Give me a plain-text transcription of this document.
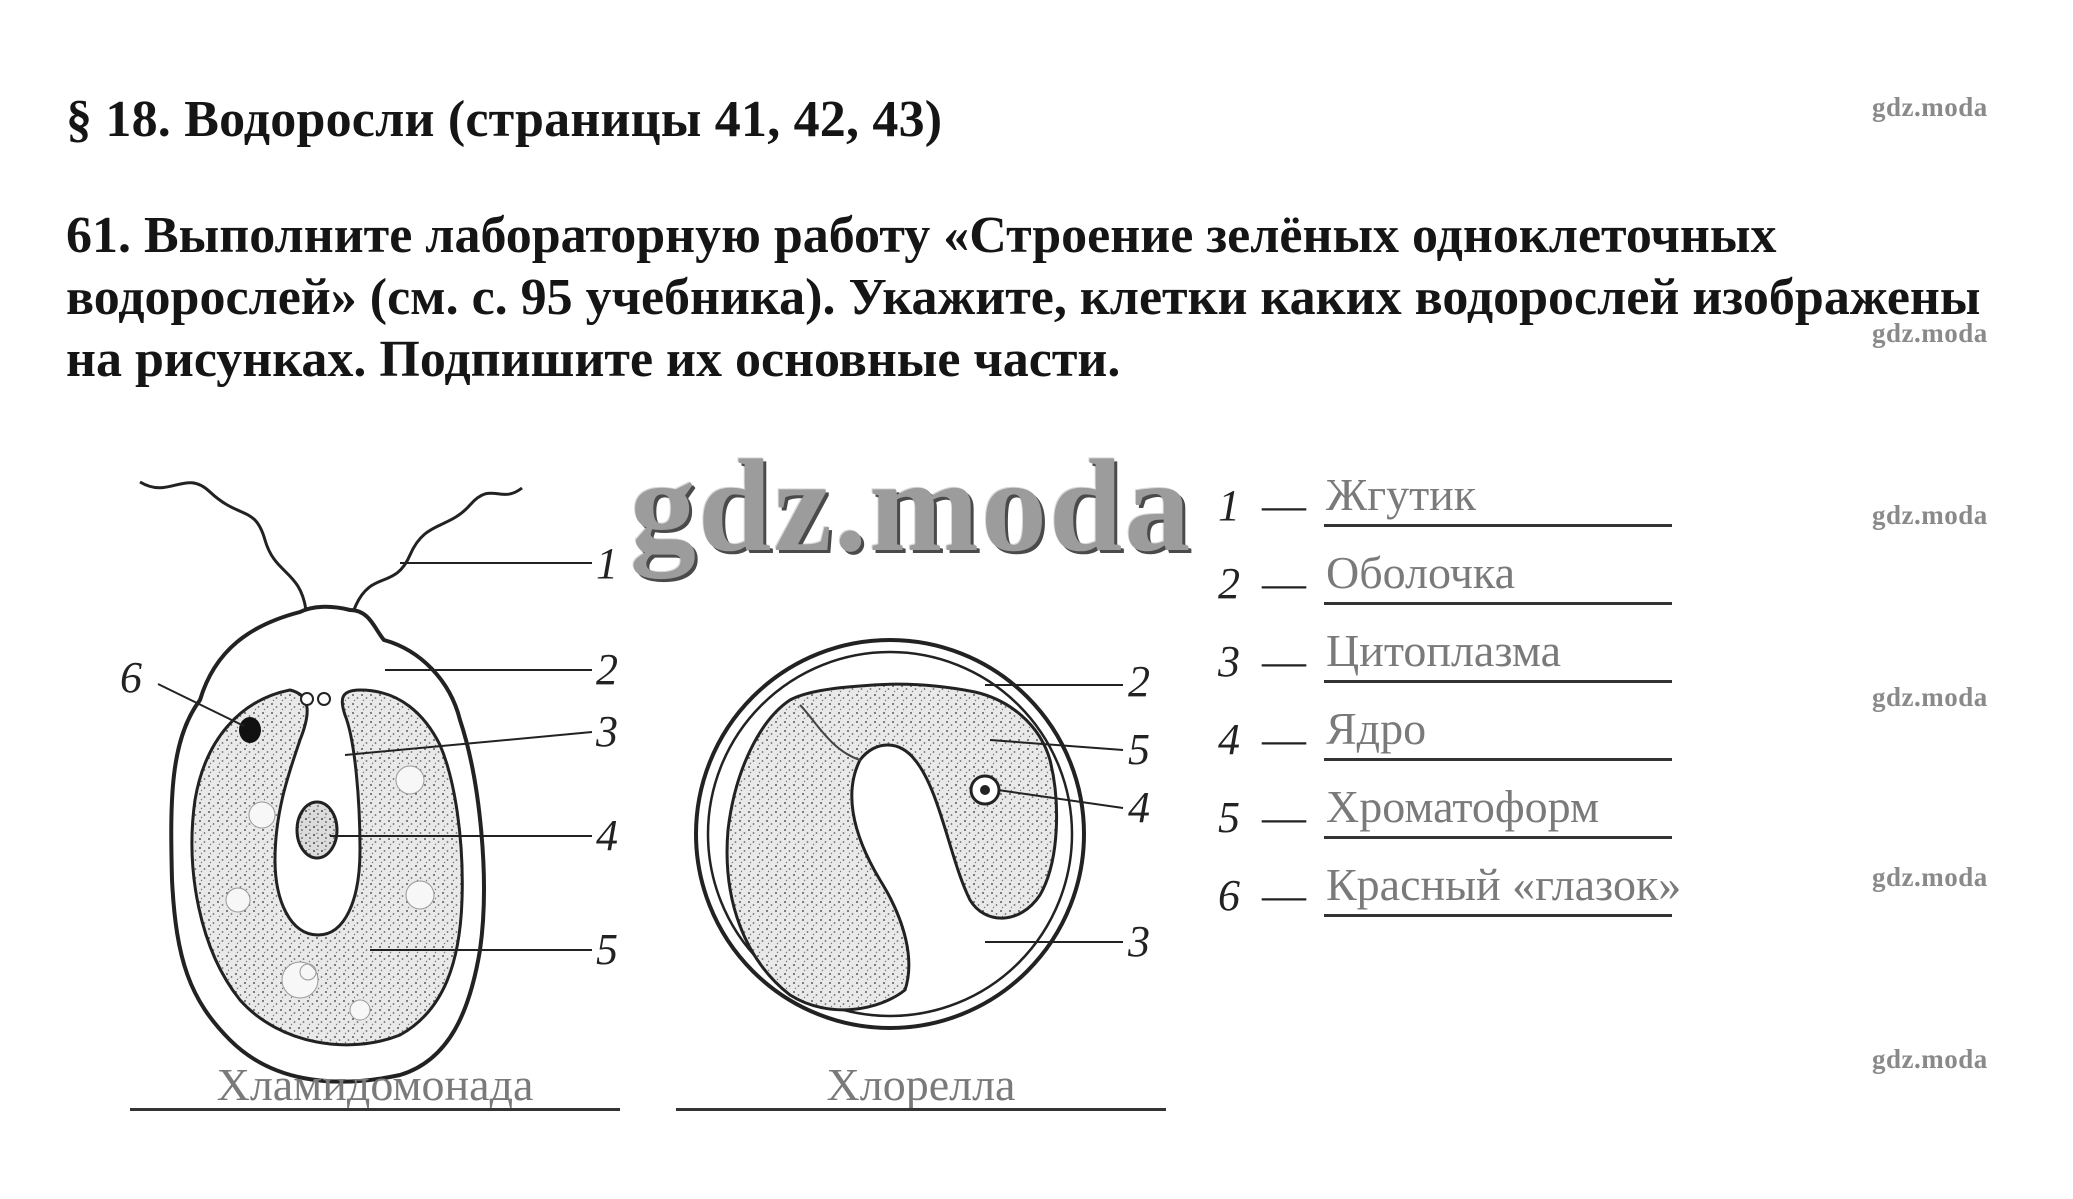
§ 18. Водоросли (страницы 41, 42, 43)

61. Выполните лабораторную работу «Строение зелёных одноклеточных водорослей» (см. с. 95 учебника). Укажите, клетки каких водорослей изображены на рисунках. Подпишите их основные части.

gdz.moda
gdz.moda
gdz.moda
gdz.moda
gdz.moda
gdz.moda
1
2
3
4
5
6	2
5
4
3
gdz.moda
Хламидомонада	Хлорелла
1 — Жгутик
2 — Оболочка
3 — Цитоплазма
4 — Ядро
5 — Хроматоформ
6 — Красный «глазок»
